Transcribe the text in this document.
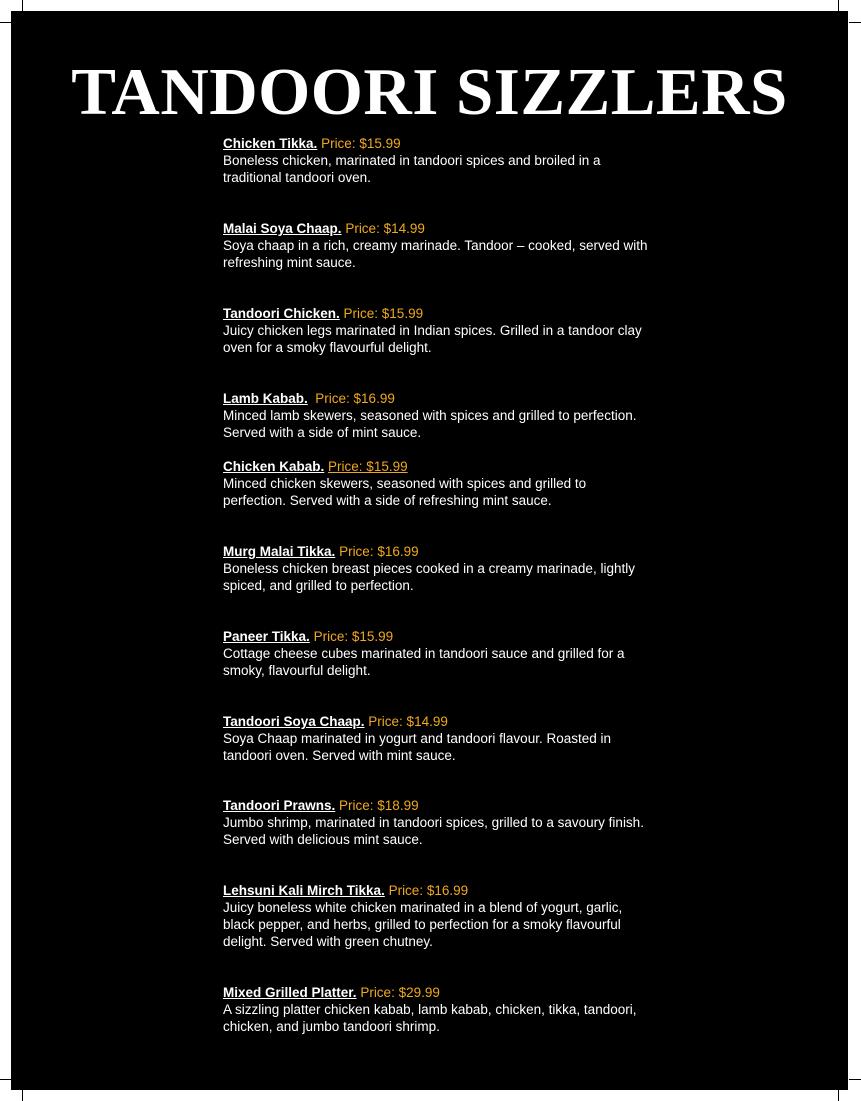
TANDOORI SIZZLERS
Chicken Tikka. Price: $15.99
Boneless chicken, marinated in tandoori spices and broiled in a traditional tandoori oven.
Malai Soya Chaap. Price: $14.99
Soya chaap in a rich, creamy marinade. Tandoor – cooked, served with refreshing mint sauce.
Tandoori Chicken. Price: $15.99
Juicy chicken legs marinated in Indian spices. Grilled in a tandoor clay oven for a smoky flavourful delight.
Lamb Kabab. Price: $16.99
Minced lamb skewers, seasoned with spices and grilled to perfection. Served with a side of mint sauce.
Chicken Kabab. Price: $15.99
Minced chicken skewers, seasoned with spices and grilled to perfection. Served with a side of refreshing mint sauce.
Murg Malai Tikka. Price: $16.99
Boneless chicken breast pieces cooked in a creamy marinade, lightly spiced, and grilled to perfection.
Paneer Tikka. Price: $15.99
Cottage cheese cubes marinated in tandoori sauce and grilled for a smoky, flavourful delight.
Tandoori Soya Chaap. Price: $14.99
Soya Chaap marinated in yogurt and tandoori flavour. Roasted in tandoori oven. Served with mint sauce.
Tandoori Prawns. Price: $18.99
Jumbo shrimp, marinated in tandoori spices, grilled to a savoury finish. Served with delicious mint sauce.
Lehsuni Kali Mirch Tikka. Price: $16.99
Juicy boneless white chicken marinated in a blend of yogurt, garlic, black pepper, and herbs, grilled to perfection for a smoky flavourful delight. Served with green chutney.
Mixed Grilled Platter. Price: $29.99
A sizzling platter chicken kabab, lamb kabab, chicken, tikka, tandoori, chicken, and jumbo tandoori shrimp.
